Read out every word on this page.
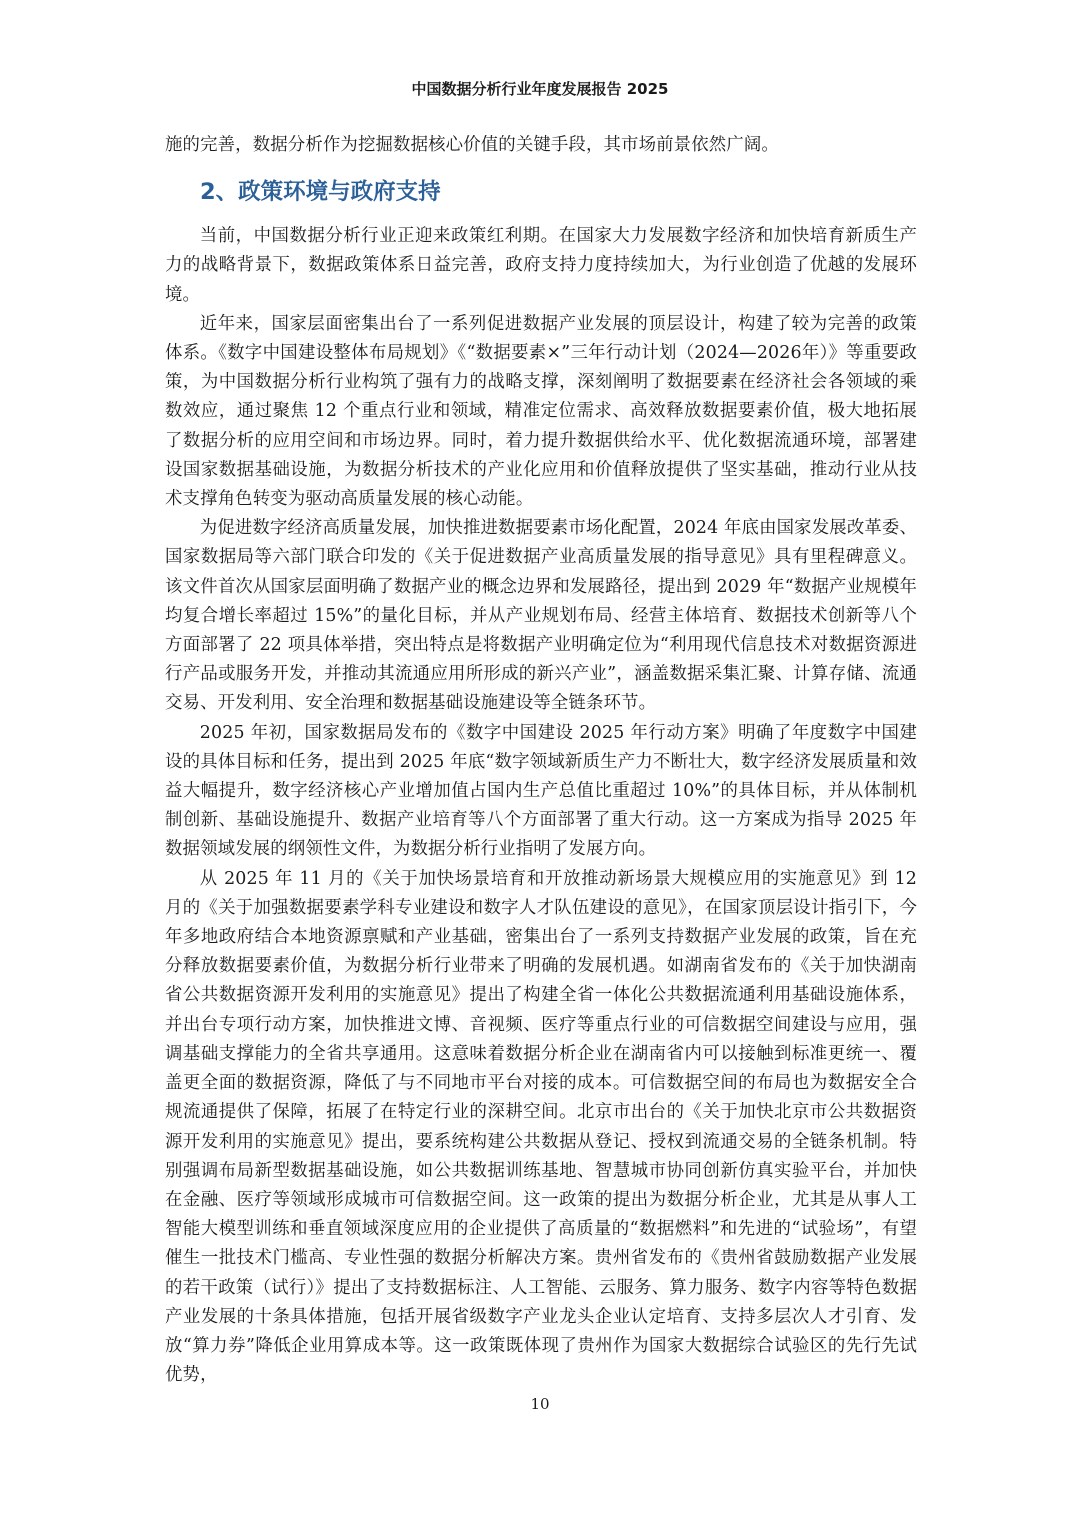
中国数据分析行业年度发展报告 2025

施的完善，数据分析作为挖掘数据核心价值的关键手段，其市场前景依然广阔。

2、政策环境与政府支持

当前，中国数据分析行业正迎来政策红利期。在国家大力发展数字经济和加快培育新质生产力的战略背景下，数据政策体系日益完善，政府支持力度持续加大，为行业创造了优越的发展环境。

近年来，国家层面密集出台了一系列促进数据产业发展的顶层设计，构建了较为完善的政策体系。《数字中国建设整体布局规划》《“数据要素×”三年行动计划（2024—2026年）》等重要政策，为中国数据分析行业构筑了强有力的战略支撑，深刻阐明了数据要素在经济社会各领域的乘数效应，通过聚焦 12 个重点行业和领域，精准定位需求、高效释放数据要素价值，极大地拓展了数据分析的应用空间和市场边界。同时，着力提升数据供给水平、优化数据流通环境，部署建设国家数据基础设施，为数据分析技术的产业化应用和价值释放提供了坚实基础，推动行业从技术支撑角色转变为驱动高质量发展的核心动能。

为促进数字经济高质量发展，加快推进数据要素市场化配置，2024 年底由国家发展改革委、国家数据局等六部门联合印发的《关于促进数据产业高质量发展的指导意见》具有里程碑意义。该文件首次从国家层面明确了数据产业的概念边界和发展路径，提出到 2029 年“数据产业规模年均复合增长率超过 15%”的量化目标，并从产业规划布局、经营主体培育、数据技术创新等八个方面部署了 22 项具体举措，突出特点是将数据产业明确定位为“利用现代信息技术对数据资源进行产品或服务开发，并推动其流通应用所形成的新兴产业”，涵盖数据采集汇聚、计算存储、流通交易、开发利用、安全治理和数据基础设施建设等全链条环节。

2025 年初，国家数据局发布的《数字中国建设 2025 年行动方案》明确了年度数字中国建设的具体目标和任务，提出到 2025 年底“数字领域新质生产力不断壮大，数字经济发展质量和效益大幅提升，数字经济核心产业增加值占国内生产总值比重超过 10%”的具体目标，并从体制机制创新、基础设施提升、数据产业培育等八个方面部署了重大行动。这一方案成为指导 2025 年数据领域发展的纲领性文件，为数据分析行业指明了发展方向。

从 2025 年 11 月的《关于加快场景培育和开放推动新场景大规模应用的实施意见》到 12 月的《关于加强数据要素学科专业建设和数字人才队伍建设的意见》，在国家顶层设计指引下，今年多地政府结合本地资源禀赋和产业基础，密集出台了一系列支持数据产业发展的政策，旨在充分释放数据要素价值，为数据分析行业带来了明确的发展机遇。如湖南省发布的《关于加快湖南省公共数据资源开发利用的实施意见》提出了构建全省一体化公共数据流通利用基础设施体系，并出台专项行动方案，加快推进文博、音视频、医疗等重点行业的可信数据空间建设与应用，强调基础支撑能力的全省共享通用。这意味着数据分析企业在湖南省内可以接触到标准更统一、覆盖更全面的数据资源，降低了与不同地市平台对接的成本。可信数据空间的布局也为数据安全合规流通提供了保障，拓展了在特定行业的深耕空间。北京市出台的《关于加快北京市公共数据资源开发利用的实施意见》提出，要系统构建公共数据从登记、授权到流通交易的全链条机制。特别强调布局新型数据基础设施，如公共数据训练基地、智慧城市协同创新仿真实验平台，并加快在金融、医疗等领域形成城市可信数据空间。这一政策的提出为数据分析企业，尤其是从事人工智能大模型训练和垂直领域深度应用的企业提供了高质量的“数据燃料”和先进的“试验场”，有望催生一批技术门槛高、专业性强的数据分析解决方案。贵州省发布的《贵州省鼓励数据产业发展的若干政策（试行）》提出了支持数据标注、人工智能、云服务、算力服务、数字内容等特色数据产业发展的十条具体措施，包括开展省级数字产业龙头企业认定培育、支持多层次人才引育、发放“算力券”降低企业用算成本等。这一政策既体现了贵州作为国家大数据综合试验区的先行先试优势，

10
